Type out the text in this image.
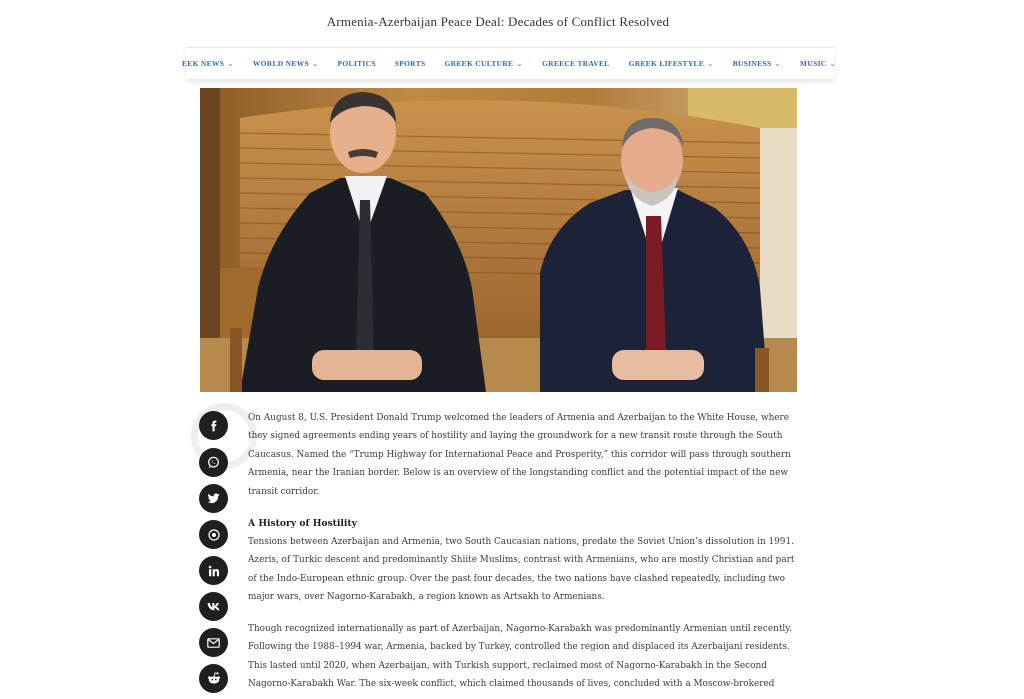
Armenia-Azerbaijan Peace Deal: Decades of Conflict Resolved
EEK NEWS ⌄	WORLD NEWS ⌄	POLITICS	SPORTS	GREEK CULTURE ⌄	GREECE TRAVEL	GREEK LIFESTYLE ⌄	BUSINESS ⌄	MUSIC ⌄

On August 8, U.S. President Donald Trump welcomed the leaders of Armenia and Azerbaijan to the White House, where they signed agreements ending years of hostility and laying the groundwork for a new transit route through the South Caucasus. Named the “Trump Highway for International Peace and Prosperity,” this corridor will pass through southern Armenia, near the Iranian border. Below is an overview of the longstanding conflict and the potential impact of the new transit corridor.

A History of Hostility

Tensions between Azerbaijan and Armenia, two South Caucasian nations, predate the Soviet Union’s dissolution in 1991. Azeris, of Turkic descent and predominantly Shiite Muslims, contrast with Armenians, who are mostly Christian and part of the Indo-European ethnic group. Over the past four decades, the two nations have clashed repeatedly, including two major wars, over Nagorno-Karabakh, a region known as Artsakh to Armenians.

Though recognized internationally as part of Azerbaijan, Nagorno-Karabakh was predominantly Armenian until recently. Following the 1988–1994 war, Armenia, backed by Turkey, controlled the region and displaced its Azerbaijani residents. This lasted until 2020, when Azerbaijan, with Turkish support, reclaimed most of Nagorno-Karabakh in the Second Nagorno-Karabakh War. The six-week conflict, which claimed thousands of lives, concluded with a Moscow-brokered
